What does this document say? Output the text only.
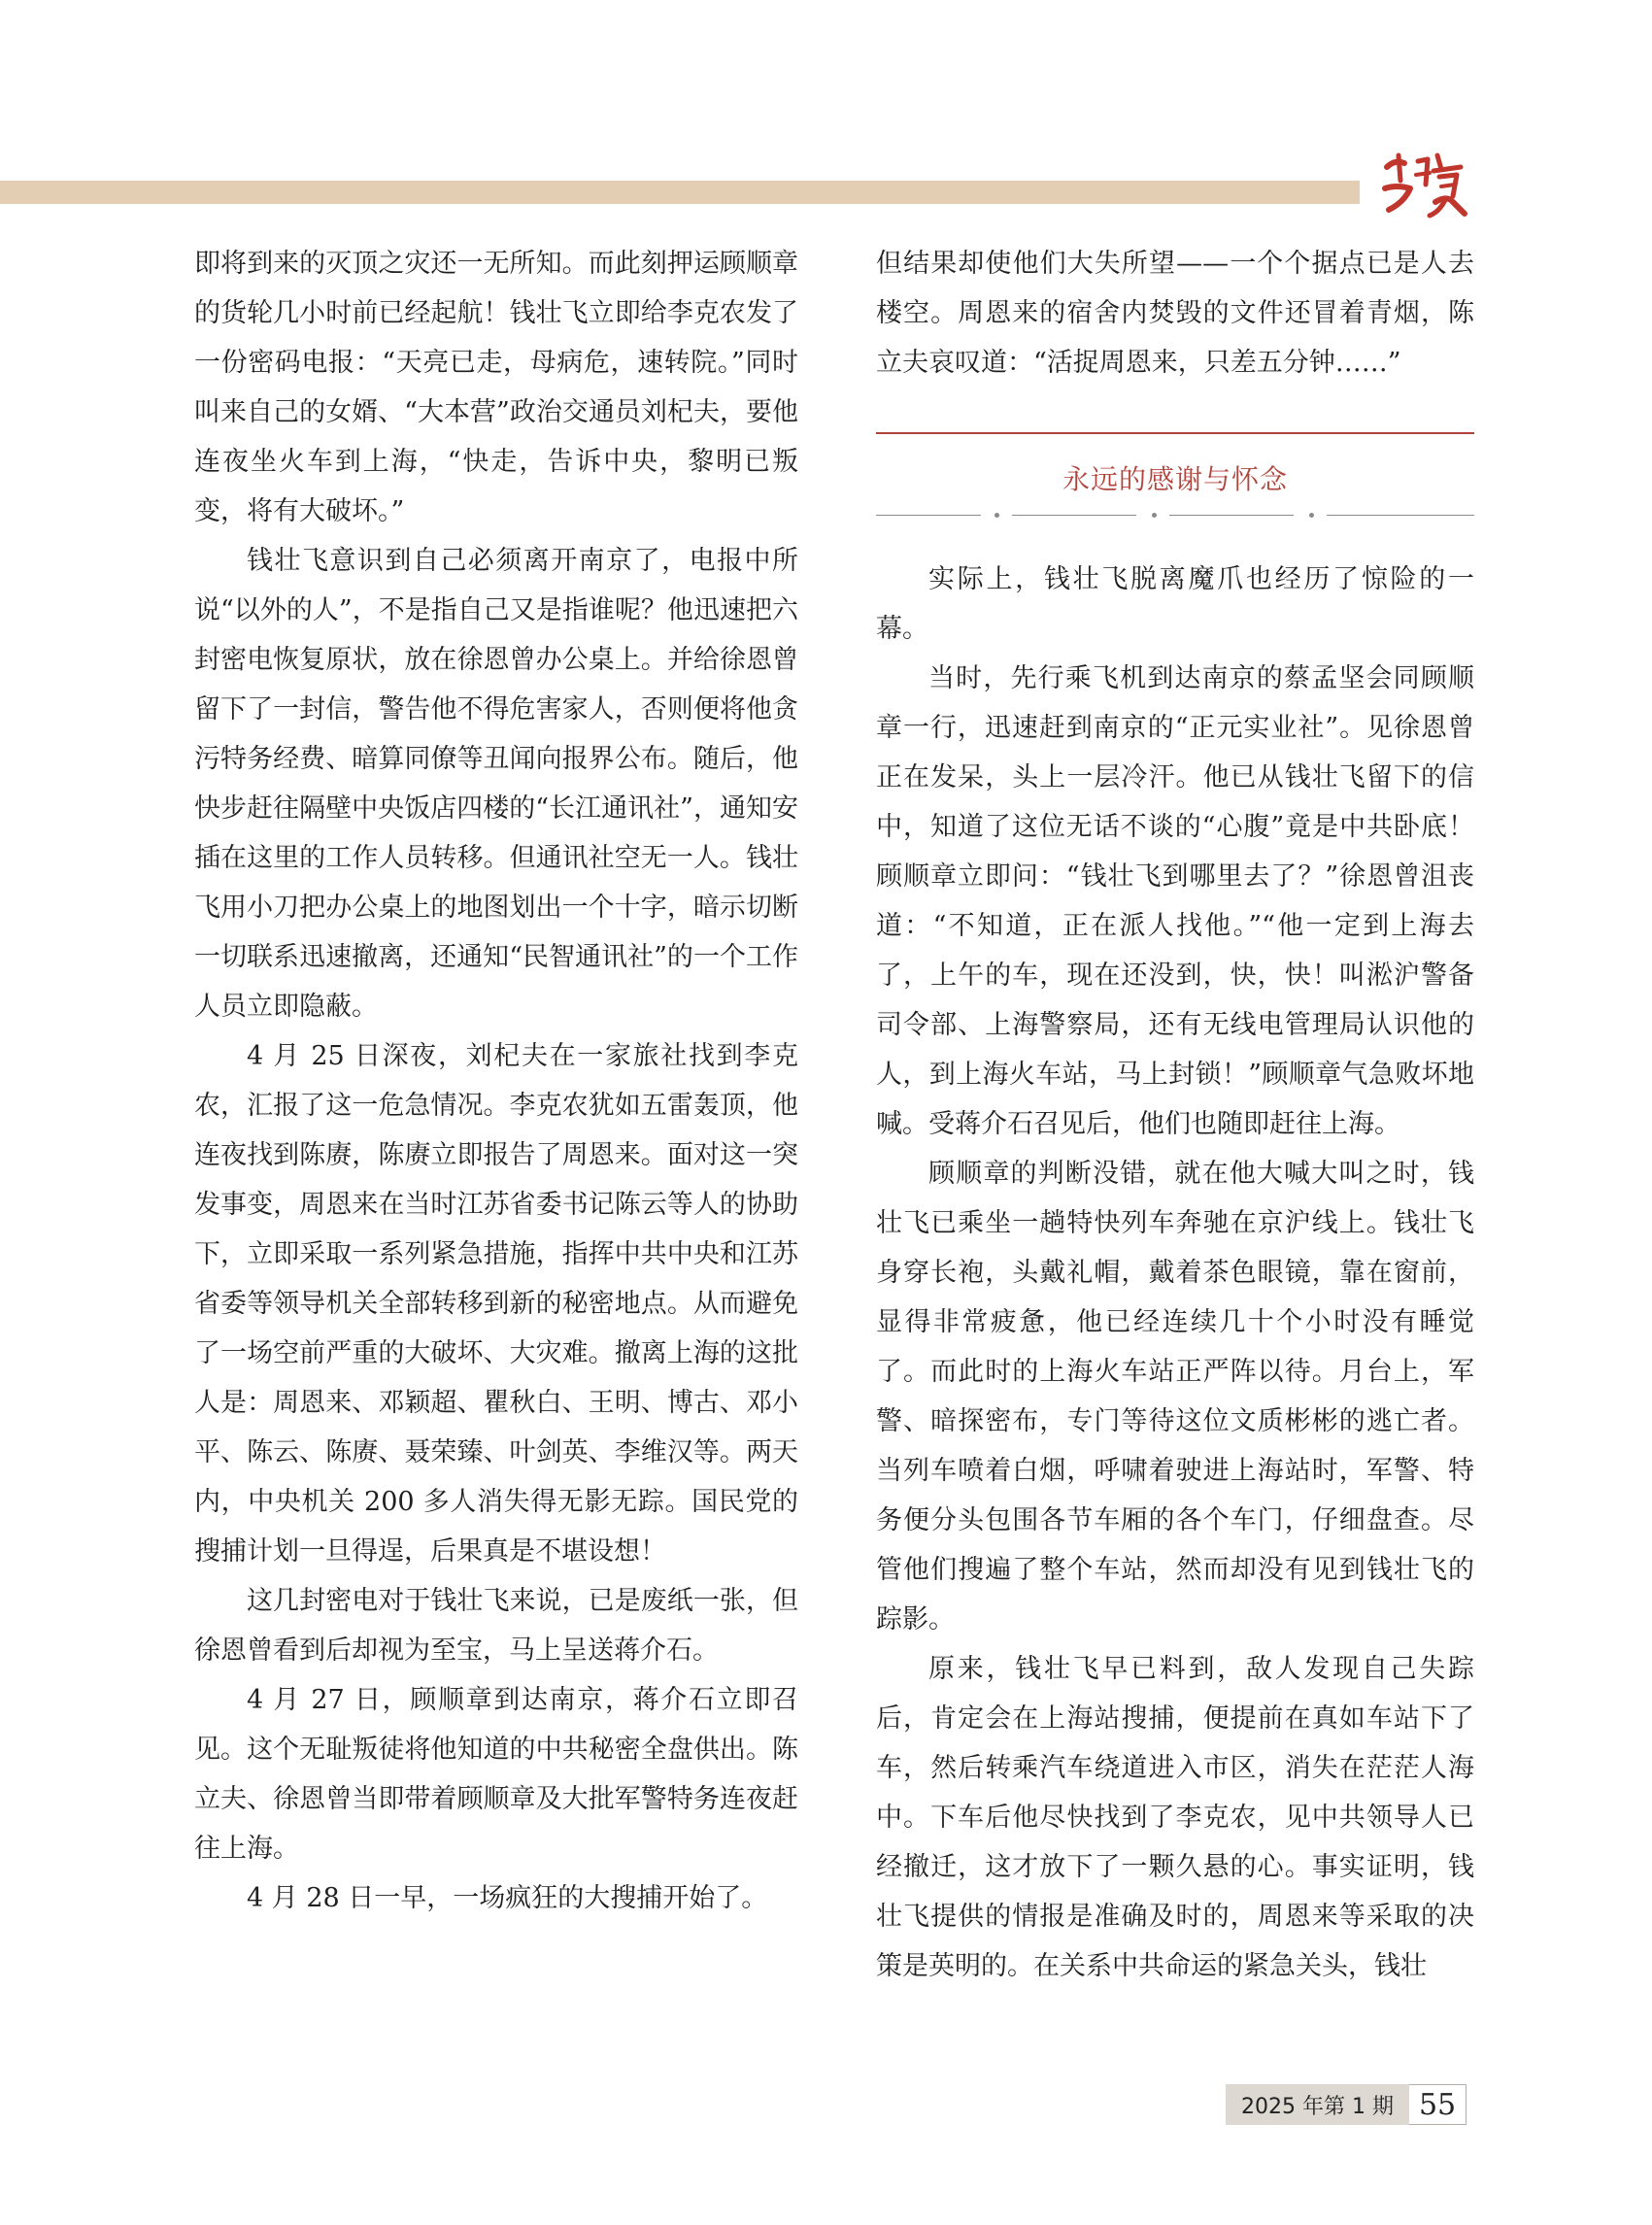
即将到来的灭顶之灾还一无所知。而此刻押运顾顺章的货轮几小时前已经起航！钱壮飞立即给李克农发了一份密码电报：“天亮已走，母病危，速转院。”同时叫来自己的女婿、“大本营”政治交通员刘杞夫，要他连夜坐火车到上海，“快走，告诉中央，黎明已叛变，将有大破坏。”

钱壮飞意识到自己必须离开南京了，电报中所说“以外的人”，不是指自己又是指谁呢？他迅速把六封密电恢复原状，放在徐恩曾办公桌上。并给徐恩曾留下了一封信，警告他不得危害家人，否则便将他贪污特务经费、暗算同僚等丑闻向报界公布。随后，他快步赶往隔壁中央饭店四楼的“长江通讯社”，通知安插在这里的工作人员转移。但通讯社空无一人。钱壮飞用小刀把办公桌上的地图划出一个十字，暗示切断一切联系迅速撤离，还通知“民智通讯社”的一个工作人员立即隐蔽。

4 月 25 日深夜，刘杞夫在一家旅社找到李克农，汇报了这一危急情况。李克农犹如五雷轰顶，他连夜找到陈赓，陈赓立即报告了周恩来。面对这一突发事变，周恩来在当时江苏省委书记陈云等人的协助下，立即采取一系列紧急措施，指挥中共中央和江苏省委等领导机关全部转移到新的秘密地点。从而避免了一场空前严重的大破坏、大灾难。撤离上海的这批人是：周恩来、邓颖超、瞿秋白、王明、博古、邓小平、陈云、陈赓、聂荣臻、叶剑英、李维汉等。两天内，中央机关 200 多人消失得无影无踪。国民党的搜捕计划一旦得逞，后果真是不堪设想！

这几封密电对于钱壮飞来说，已是废纸一张，但徐恩曾看到后却视为至宝，马上呈送蒋介石。

4 月 27 日，顾顺章到达南京，蒋介石立即召见。这个无耻叛徒将他知道的中共秘密全盘供出。陈立夫、徐恩曾当即带着顾顺章及大批军警特务连夜赶往上海。

4 月 28 日一早，一场疯狂的大搜捕开始了。

但结果却使他们大失所望——一个个据点已是人去楼空。周恩来的宿舍内焚毁的文件还冒着青烟，陈立夫哀叹道：“活捉周恩来，只差五分钟……”

永远的感谢与怀念

实际上，钱壮飞脱离魔爪也经历了惊险的一幕。

当时，先行乘飞机到达南京的蔡孟坚会同顾顺章一行，迅速赶到南京的“正元实业社”。见徐恩曾正在发呆，头上一层冷汗。他已从钱壮飞留下的信中，知道了这位无话不谈的“心腹”竟是中共卧底！顾顺章立即问：“钱壮飞到哪里去了？”徐恩曾沮丧道：“不知道，正在派人找他。”“他一定到上海去了，上午的车，现在还没到，快，快！叫淞沪警备司令部、上海警察局，还有无线电管理局认识他的人，到上海火车站，马上封锁！”顾顺章气急败坏地喊。受蒋介石召见后，他们也随即赶往上海。

顾顺章的判断没错，就在他大喊大叫之时，钱壮飞已乘坐一趟特快列车奔驰在京沪线上。钱壮飞身穿长袍，头戴礼帽，戴着茶色眼镜，靠在窗前，显得非常疲惫，他已经连续几十个小时没有睡觉了。而此时的上海火车站正严阵以待。月台上，军警、暗探密布，专门等待这位文质彬彬的逃亡者。当列车喷着白烟，呼啸着驶进上海站时，军警、特务便分头包围各节车厢的各个车门，仔细盘查。尽管他们搜遍了整个车站，然而却没有见到钱壮飞的踪影。

原来，钱壮飞早已料到，敌人发现自己失踪后，肯定会在上海站搜捕，便提前在真如车站下了车，然后转乘汽车绕道进入市区，消失在茫茫人海中。下车后他尽快找到了李克农，见中共领导人已经撤迁，这才放下了一颗久悬的心。事实证明，钱壮飞提供的情报是准确及时的，周恩来等采取的决策是英明的。在关系中共命运的紧急关头，钱壮

2025 年第 1 期 55
